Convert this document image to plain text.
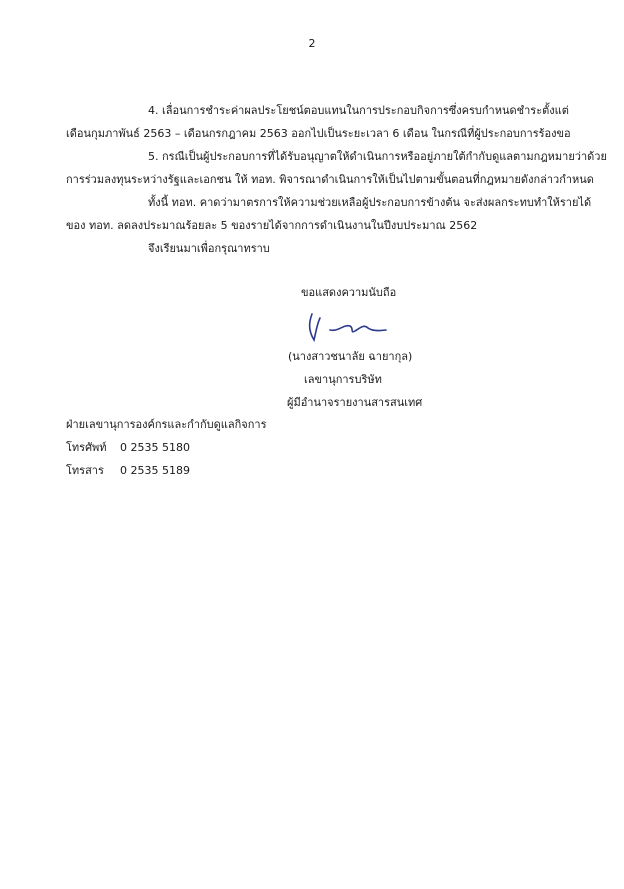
2
4. เลื่อนการชำระค่าผลประโยชน์ตอบแทนในการประกอบกิจการซึ่งครบกำหนดชำระตั้งแต่
เดือนกุมภาพันธ์ 2563 – เดือนกรกฎาคม 2563 ออกไปเป็นระยะเวลา 6 เดือน ในกรณีที่ผู้ประกอบการร้องขอ
5. กรณีเป็นผู้ประกอบการที่ได้รับอนุญาตให้ดำเนินการหรืออยู่ภายใต้กำกับดูแลตามกฎหมายว่าด้วย
การร่วมลงทุนระหว่างรัฐและเอกชน ให้ ทอท. พิจารณาดำเนินการให้เป็นไปตามขั้นตอนที่กฎหมายดังกล่าวกำหนด
ทั้งนี้ ทอท. คาดว่ามาตรการให้ความช่วยเหลือผู้ประกอบการข้างต้น จะส่งผลกระทบทำให้รายได้
ของ ทอท. ลดลงประมาณร้อยละ 5 ของรายได้จากการดำเนินงานในปีงบประมาณ 2562
จึงเรียนมาเพื่อกรุณาทราบ
ขอแสดงความนับถือ
(นางสาวชนาลัย ฉายากุล)
เลขานุการบริษัท
ผู้มีอำนาจรายงานสารสนเทศ
ฝ่ายเลขานุการองค์กรและกำกับดูแลกิจการ
โทรศัพท์ 0 2535 5180
โทรสาร 0 2535 5189
